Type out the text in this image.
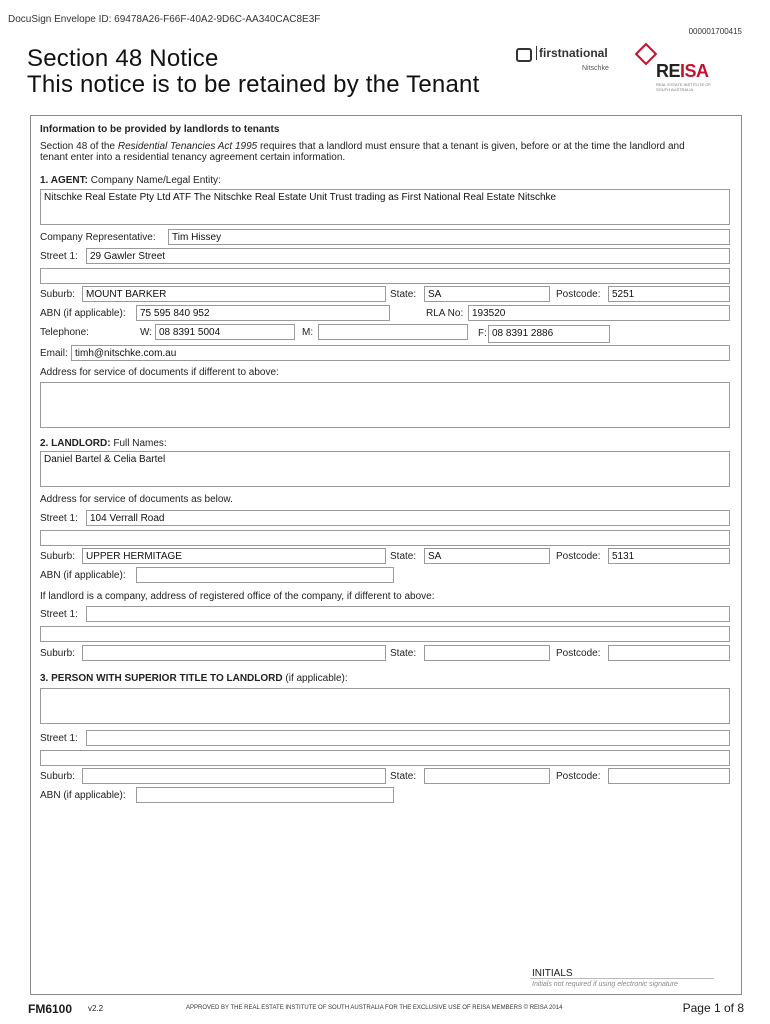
DocuSign Envelope ID: 69478A26-F66F-40A2-9D6C-AA340CAC8E3F
000001700415
Section 48 Notice
This notice is to be retained by the Tenant
firstnational
Nitschke	REISA
REAL ESTATE INSTITUTE OF SOUTH AUSTRALIA
Information to be provided by landlords to tenants
Section 48 of the Residential Tenancies Act 1995 requires that a landlord must ensure that a tenant is given, before or at the time the landlord and tenant enter into a residential tenancy agreement certain information.
1. AGENT: Company Name/Legal Entity:
Nitschke Real Estate Pty Ltd ATF The Nitschke Real Estate Unit Trust trading as First National Real Estate Nitschke
Company Representative:	Tim Hissey
Street 1:	29 Gawler Street
Suburb:	MOUNT BARKER	State:	SA	Postcode:	5251
ABN (if applicable):	75 595 840 952	RLA No: 193520
Telephone:	W: 08 8391 5004	M:	F: 08 8391 2886
Email: timh@nitschke.com.au
Address for service of documents if different to above:
2. LANDLORD: Full Names:
Daniel Bartel & Celia Bartel
Address for service of documents as below.
Street 1:	104 Verrall Road
Suburb:	UPPER HERMITAGE	State:	SA	Postcode:	5131
ABN (if applicable):
If landlord is a company, address of registered office of the company, if different to above:
Street 1:
Suburb:	State:	Postcode:
3. PERSON WITH SUPERIOR TITLE TO LANDLORD (if applicable):
Street 1:
Suburb:	State:	Postcode:
ABN (if applicable):
INITIALS
Initials not required if using electronic signature
FM6100 v2.2	APPROVED BY THE REAL ESTATE INSTITUTE OF SOUTH AUSTRALIA FOR THE EXCLUSIVE USE OF REISA MEMBERS © REISA 2014	Page 1 of 8
